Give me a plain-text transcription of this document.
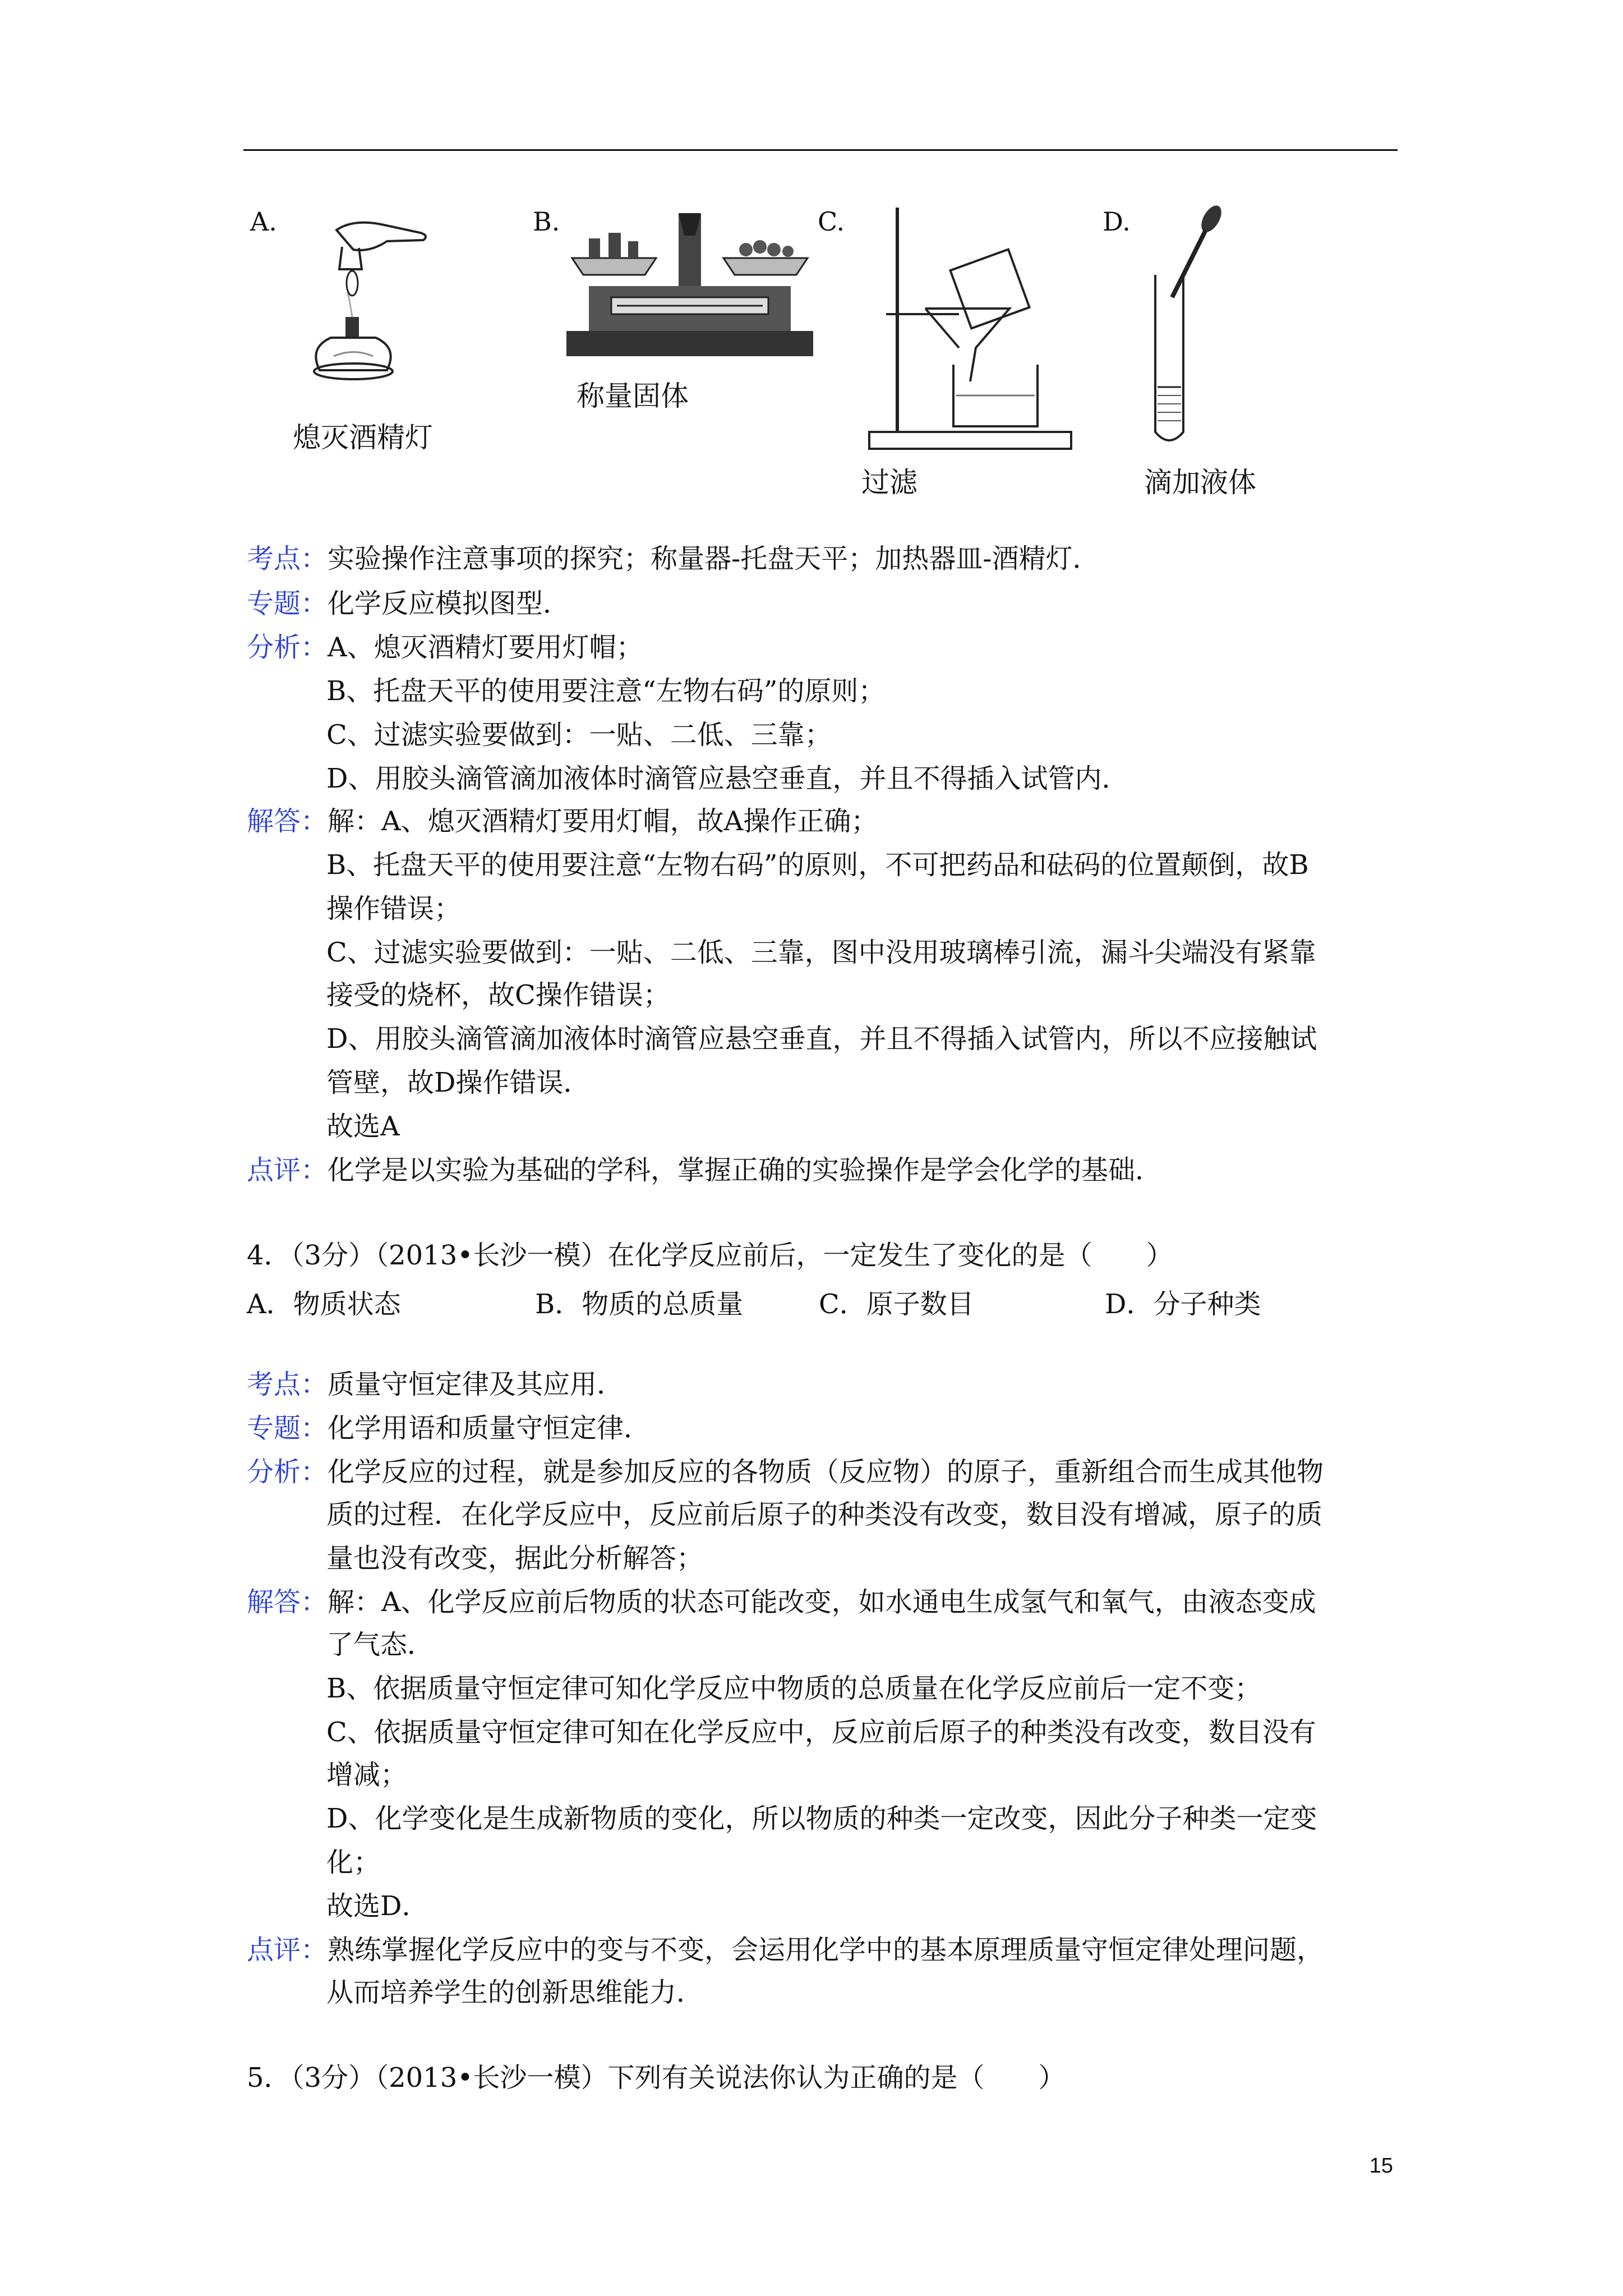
A.
熄灭酒精灯
B.
称量固体
C.
过滤
D.
滴加液体
考点：实验操作注意事项的探究；称量器-托盘天平；加热器皿-酒精灯．
专题：化学反应模拟图型．
分析：A、熄灭酒精灯要用灯帽；
B、托盘天平的使用要注意“左物右码”的原则；
C、过滤实验要做到：一贴、二低、三靠；
D、用胶头滴管滴加液体时滴管应悬空垂直，并且不得插入试管内．
解答：解：A、熄灭酒精灯要用灯帽，故A操作正确；
B、托盘天平的使用要注意“左物右码”的原则，不可把药品和砝码的位置颠倒，故B
操作错误；
C、过滤实验要做到：一贴、二低、三靠，图中没用玻璃棒引流，漏斗尖端没有紧靠
接受的烧杯，故C操作错误；
D、用胶头滴管滴加液体时滴管应悬空垂直，并且不得插入试管内，所以不应接触试
管壁，故D操作错误．
故选A
点评：化学是以实验为基础的学科，掌握正确的实验操作是学会化学的基础．
4．（3分）（2013•长沙一模）在化学反应前后，一定发生了变化的是（　　）
A．物质状态	B．物质的总质量	C．原子数目	D．分子种类
考点：质量守恒定律及其应用．
专题：化学用语和质量守恒定律．
分析：化学反应的过程，就是参加反应的各物质（反应物）的原子，重新组合而生成其他物
质的过程．在化学反应中，反应前后原子的种类没有改变，数目没有增减，原子的质
量也没有改变，据此分析解答；
解答：解：A、化学反应前后物质的状态可能改变，如水通电生成氢气和氧气，由液态变成
了气态．
B、依据质量守恒定律可知化学反应中物质的总质量在化学反应前后一定不变；
C、依据质量守恒定律可知在化学反应中，反应前后原子的种类没有改变，数目没有
增减；
D、化学变化是生成新物质的变化，所以物质的种类一定改变，因此分子种类一定变
化；
故选D．
点评：熟练掌握化学反应中的变与不变，会运用化学中的基本原理质量守恒定律处理问题，
从而培养学生的创新思维能力．
5．（3分）（2013•长沙一模）下列有关说法你认为正确的是（　　）
15
